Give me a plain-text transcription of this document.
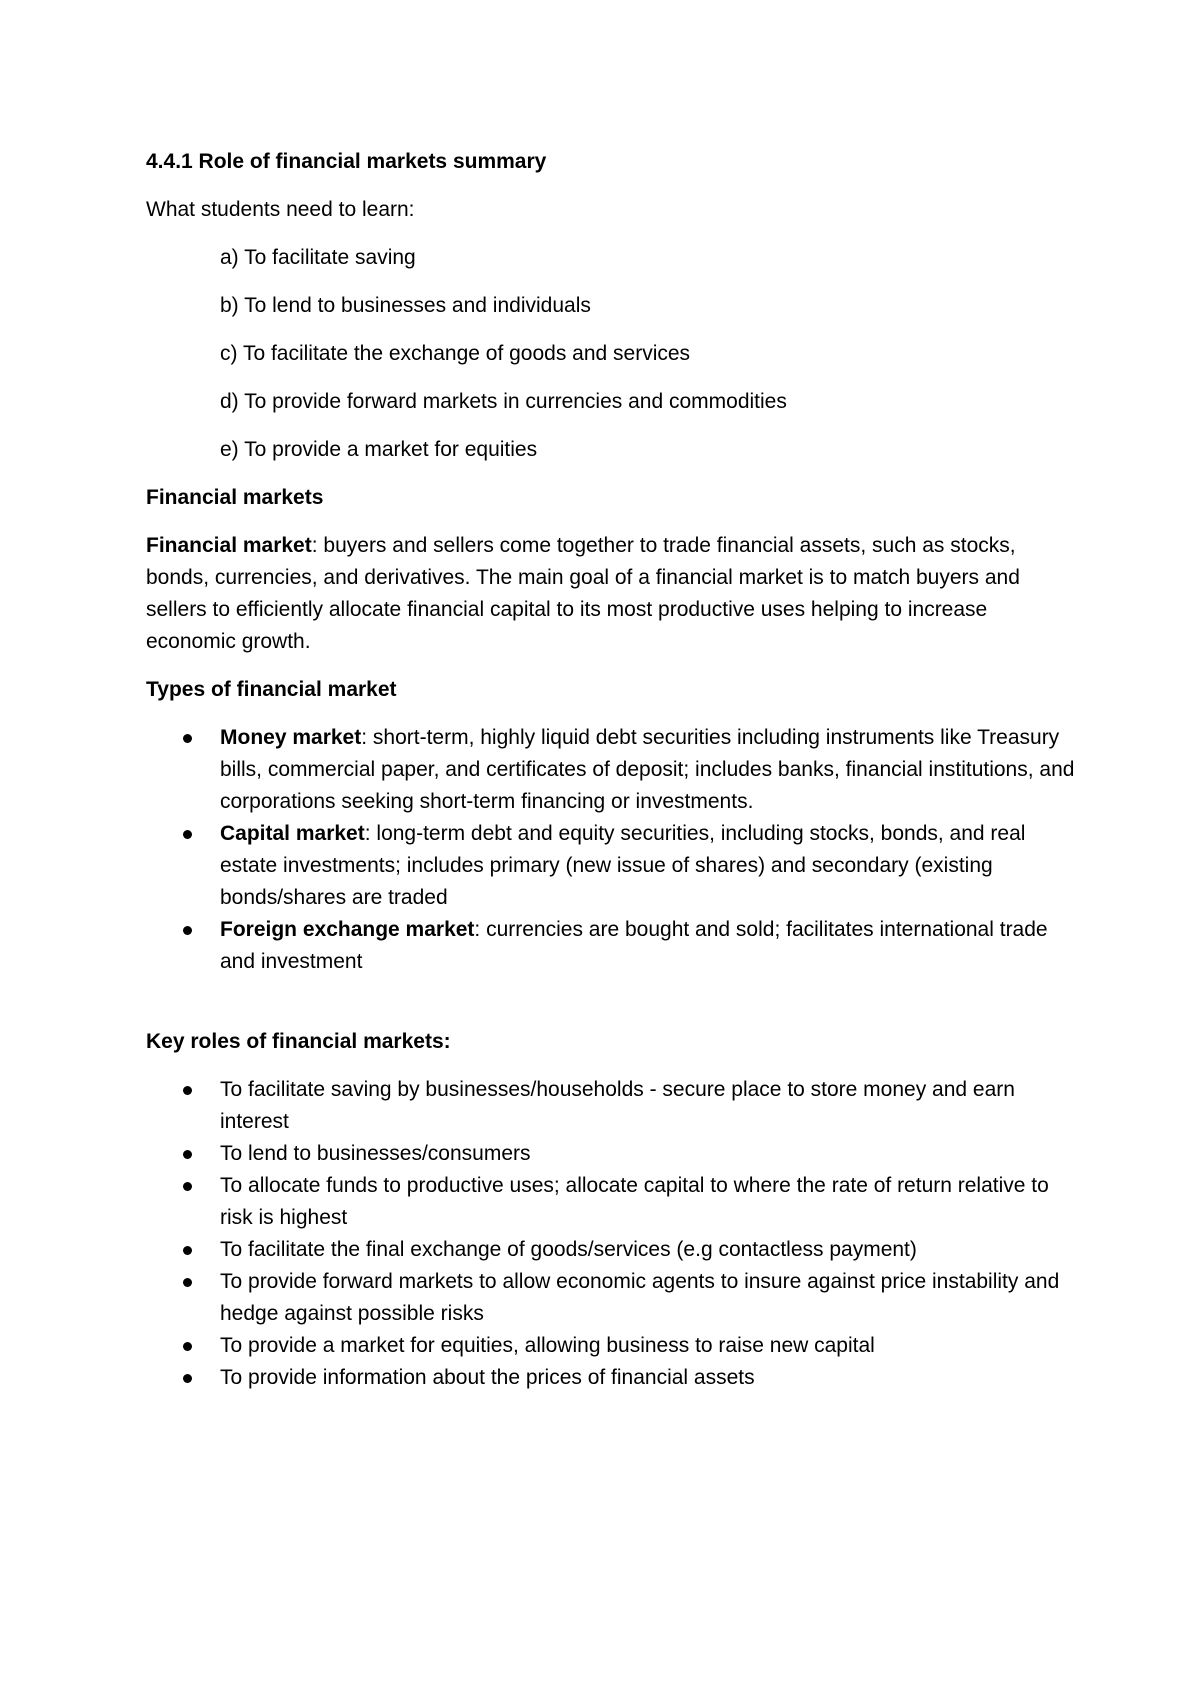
4.4.1 Role of financial markets summary

What students need to learn:

a) To facilitate saving

b) To lend to businesses and individuals

c) To facilitate the exchange of goods and services

d) To provide forward markets in currencies and commodities

e) To provide a market for equities

Financial markets

Financial market: buyers and sellers come together to trade financial assets, such as stocks, bonds, currencies, and derivatives. The main goal of a financial market is to match buyers and sellers to efficiently allocate financial capital to its most productive uses helping to increase economic growth.

Types of financial market

Money market: short-term, highly liquid debt securities including instruments like Treasury bills, commercial paper, and certificates of deposit; includes banks, financial institutions, and corporations seeking short-term financing or investments.
Capital market: long-term debt and equity securities, including stocks, bonds, and real estate investments; includes primary (new issue of shares) and secondary (existing bonds/shares are traded
Foreign exchange market: currencies are bought and sold; facilitates international trade and investment

Key roles of financial markets:

To facilitate saving by businesses/households - secure place to store money and earn interest
To lend to businesses/consumers
To allocate funds to productive uses; allocate capital to where the rate of return relative to risk is highest
To facilitate the final exchange of goods/services (e.g contactless payment)
To provide forward markets to allow economic agents to insure against price instability and hedge against possible risks
To provide a market for equities, allowing business to raise new capital
To provide information about the prices of financial assets
